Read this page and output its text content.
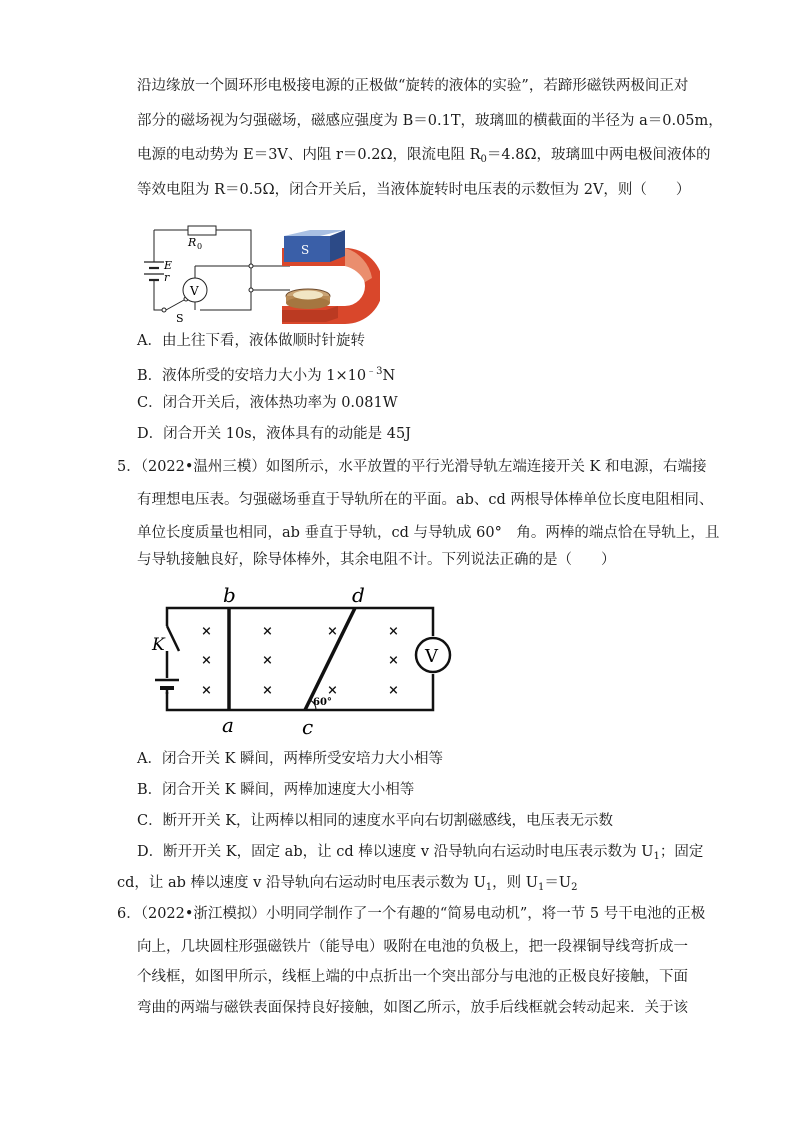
沿边缘放一个圆环形电极接电源的正极做“旋转的液体的实验”，若蹄形磁铁两极间正对
部分的磁场视为匀强磁场，磁感应强度为 B＝0.1T，玻璃皿的横截面的半径为 a＝0.05m，
电源的电动势为 E＝3V、内阻 r＝0.2Ω，限流电阻 $R_0=4.8\Omega$，玻璃皿中两电极间液体的
等效电阻为 R＝0.5Ω，闭合开关后，当液体旋转时电压表的示数恒为 2V，则（　　）
R 0
E
r
V
S
S
A．由上往下看，液体做顺时针旋转
B．液体所受的安培力大小为 $1\times 10^{﹣3}N$
C．闭合开关后，液体热功率为 0.081W
D．闭合开关 10s，液体具有的动能是 45J
5．（2022•温州三模）如图所示，水平放置的平行光滑导轨左端连接开关 K 和电源，右端接
有理想电压表。匀强磁场垂直于导轨所在的平面。ab、cd 两根导体棒单位长度电阻相同、
单位长度质量也相同，ab 垂直于导轨，cd 与导轨成 60°　角。两棒的端点恰在导轨上，且
与导轨接触良好，除导体棒外，其余电阻不计。下列说法正确的是（　　）
V
60°
×
×
×
×
×
×
×
×
×
×
×
b	d
a	c
K
A．闭合开关 K 瞬间，两棒所受安培力大小相等
B．闭合开关 K 瞬间，两棒加速度大小相等
C．断开开关 K，让两棒以相同的速度水平向右切割磁感线，电压表无示数
D．断开开关 K，固定 ab，让 cd 棒以速度 v 沿导轨向右运动时电压表示数为 $U_1$；固定
cd，让 ab 棒以速度 v 沿导轨向右运动时电压表示数为 $U_1$，则 $U_1=U_2$
6．（2022•浙江模拟）小明同学制作了一个有趣的“简易电动机”，将一节 5 号干电池的正极
向上，几块圆柱形强磁铁片（能导电）吸附在电池的负极上，把一段裸铜导线弯折成一
个线框，如图甲所示，线框上端的中点折出一个突出部分与电池的正极良好接触，下面
弯曲的两端与磁铁表面保持良好接触，如图乙所示，放手后线框就会转动起来．关于该
